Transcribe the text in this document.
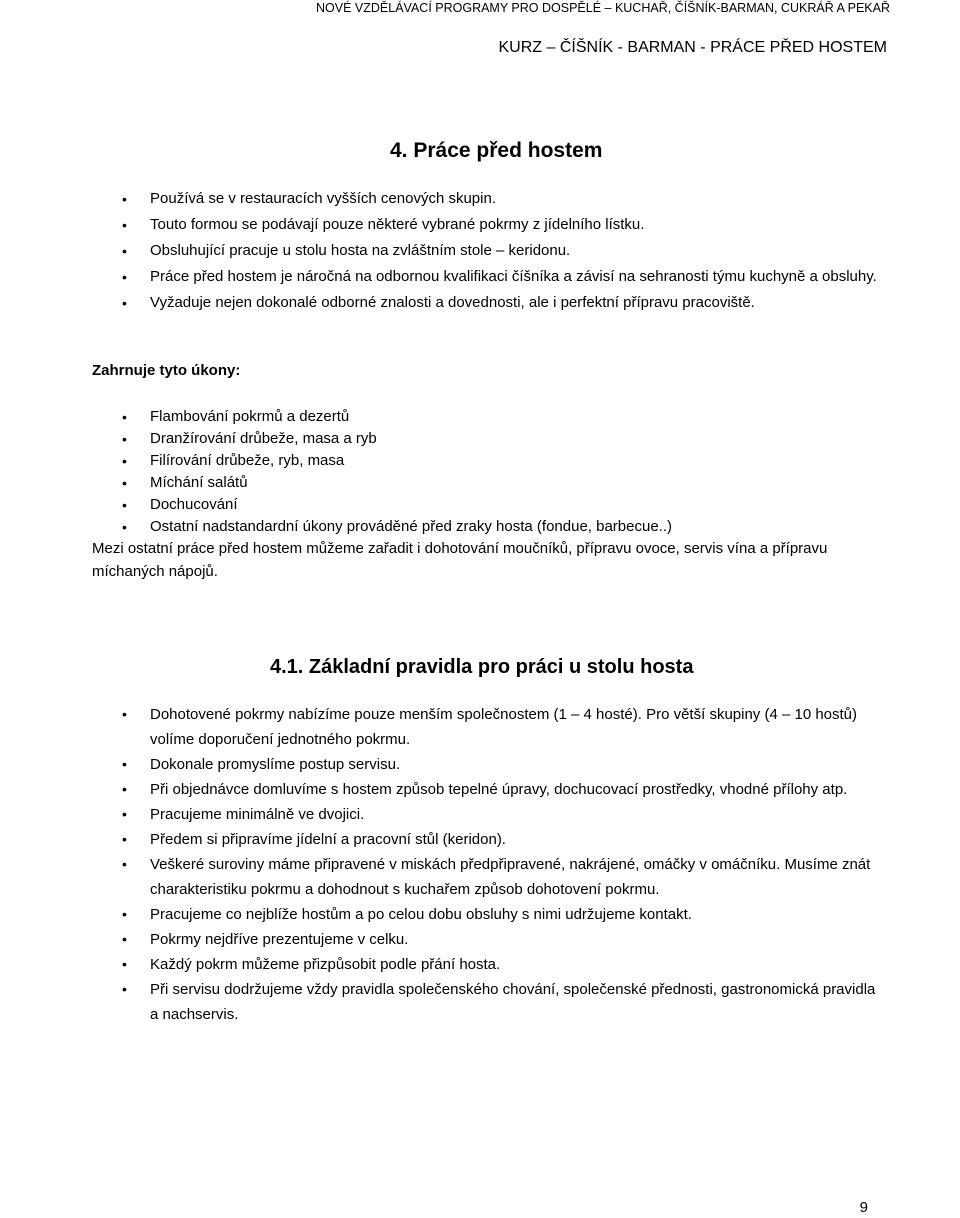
NOVÉ VZDĚLÁVACÍ PROGRAMY PRO DOSPĚLÉ – KUCHAŘ, ČÍŠNÍK-BARMAN, CUKRÁŘ A PEKAŘ
KURZ – ČÍŠNÍK - BARMAN - PRÁCE PŘED HOSTEM
4. Práce před hostem
• Používá se v restauracích vyšších cenových skupin.
• Touto formou se podávají pouze některé vybrané pokrmy z jídelního lístku.
• Obsluhující pracuje u stolu hosta na zvláštním stole – keridonu.
• Práce před hostem je náročná na odbornou kvalifikaci číšníka a závisí na sehranosti týmu kuchyně a obsluhy.
• Vyžaduje nejen dokonalé odborné znalosti a dovednosti, ale i perfektní přípravu pracoviště.
Zahrnuje tyto úkony:
• Flambování pokrmů a dezertů
• Dranžírování drůbeže, masa a ryb
• Filírování drůbeže, ryb, masa
• Míchání salátů
• Dochucování
• Ostatní nadstandardní úkony prováděné před zraky hosta (fondue, barbecue..)
Mezi ostatní práce před hostem můžeme zařadit i dohotování moučníků, přípravu ovoce, servis vína a přípravu míchaných nápojů.
4.1. Základní pravidla pro práci u stolu hosta
• Dohotovené pokrmy nabízíme pouze menším společnostem (1 – 4 hosté). Pro větší skupiny (4 – 10 hostů) volíme doporučení jednotného pokrmu.
• Dokonale promyslíme postup servisu.
• Při objednávce domluvíme s hostem způsob tepelné úpravy, dochucovací prostředky, vhodné přílohy atp.
• Pracujeme minimálně ve dvojici.
• Předem si připravíme jídelní a pracovní stůl (keridon).
• Veškeré suroviny máme připravené v miskách předpřipravené, nakrájené, omáčky v omáčníku. Musíme znát charakteristiku pokrmu a dohodnout s kuchařem způsob dohotovení pokrmu.
• Pracujeme co nejblíže hostům a po celou dobu obsluhy s nimi udržujeme kontakt.
• Pokrmy nejdříve prezentujeme v celku.
• Každý pokrm můžeme přizpůsobit podle přání hosta.
• Při servisu dodržujeme vždy pravidla společenského chování, společenské přednosti, gastronomická pravidla a nachservis.
9
